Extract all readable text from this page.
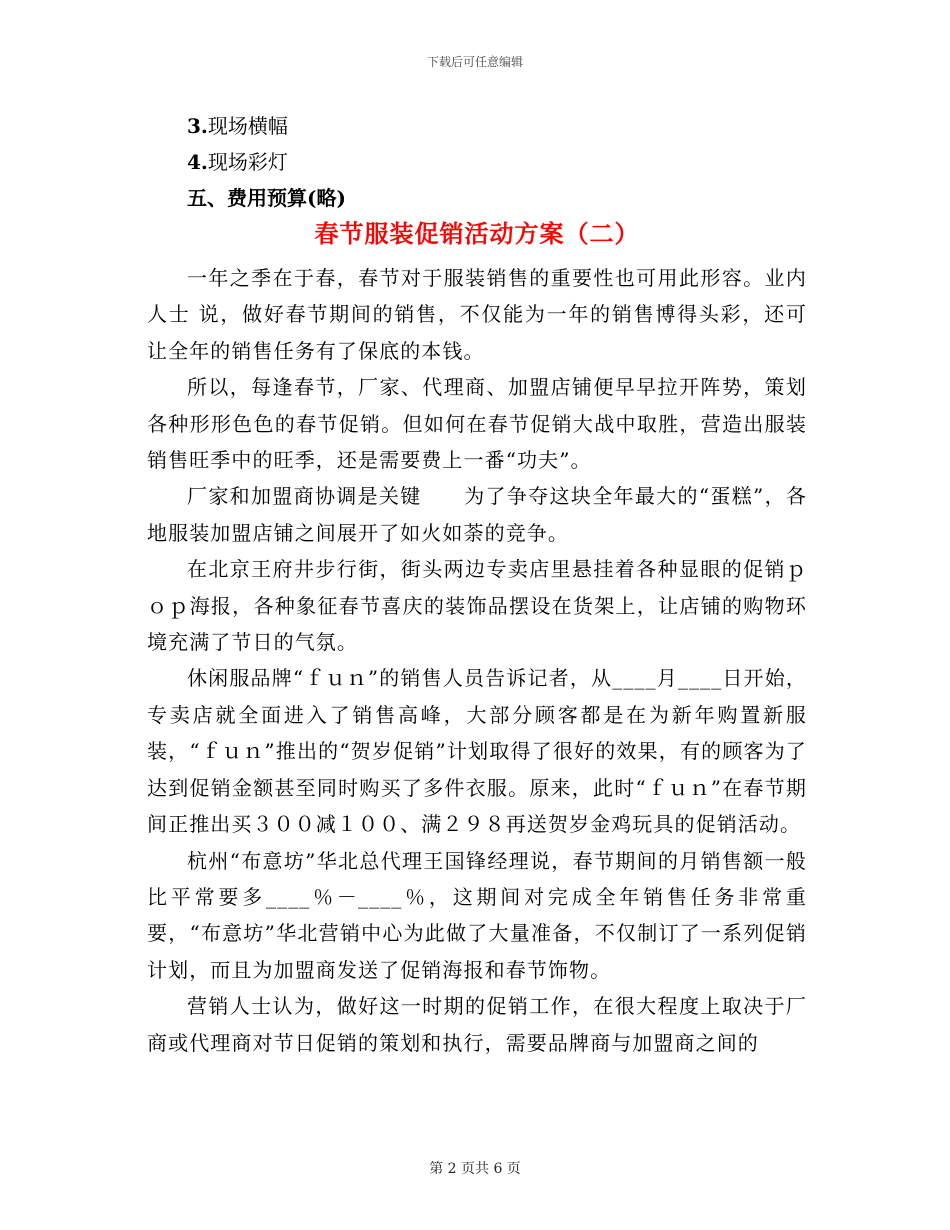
下载后可任意编辑
3.现场横幅
4.现场彩灯
五、费用预算(略)
春节服装促销活动方案（二）

一年之季在于春，春节对于服装销售的重要性也可用此形容。业内人士 说，做好春节期间的销售，不仅能为一年的销售博得头彩，还可让全年的销售任务有了保底的本钱。

所以，每逢春节，厂家、代理商、加盟店铺便早早拉开阵势，策划各种形形色色的春节促销。但如何在春节促销大战中取胜，营造出服装销售旺季中的旺季，还是需要费上一番“功夫”。

厂家和加盟商协调是关键　　为了争夺这块全年最大的“蛋糕”，各地服装加盟店铺之间展开了如火如荼的竞争。

在北京王府井步行街，街头两边专卖店里悬挂着各种显眼的促销ｐｏｐ海报，各种象征春节喜庆的装饰品摆设在货架上，让店铺的购物环境充满了节日的气氛。

休闲服品牌“ｆｕｎ”的销售人员告诉记者，从____月____日开始，专卖店就全面进入了销售高峰，大部分顾客都是在为新年购置新服装，“ｆｕｎ”推出的“贺岁促销”计划取得了很好的效果，有的顾客为了达到促销金额甚至同时购买了多件衣服。原来，此时“ｆｕｎ”在春节期间正推出买３００减１００、满２９８再送贺岁金鸡玩具的促销活动。

杭州“布意坊”华北总代理王国锋经理说，春节期间的月销售额一般比平常要多____％－____％，这期间对完成全年销售任务非常重要，“布意坊”华北营销中心为此做了大量准备，不仅制订了一系列促销计划，而且为加盟商发送了促销海报和春节饰物。

营销人士认为，做好这一时期的促销工作，在很大程度上取决于厂商或代理商对节日促销的策划和执行，需要品牌商与加盟商之间的

第 2 页共 6 页
